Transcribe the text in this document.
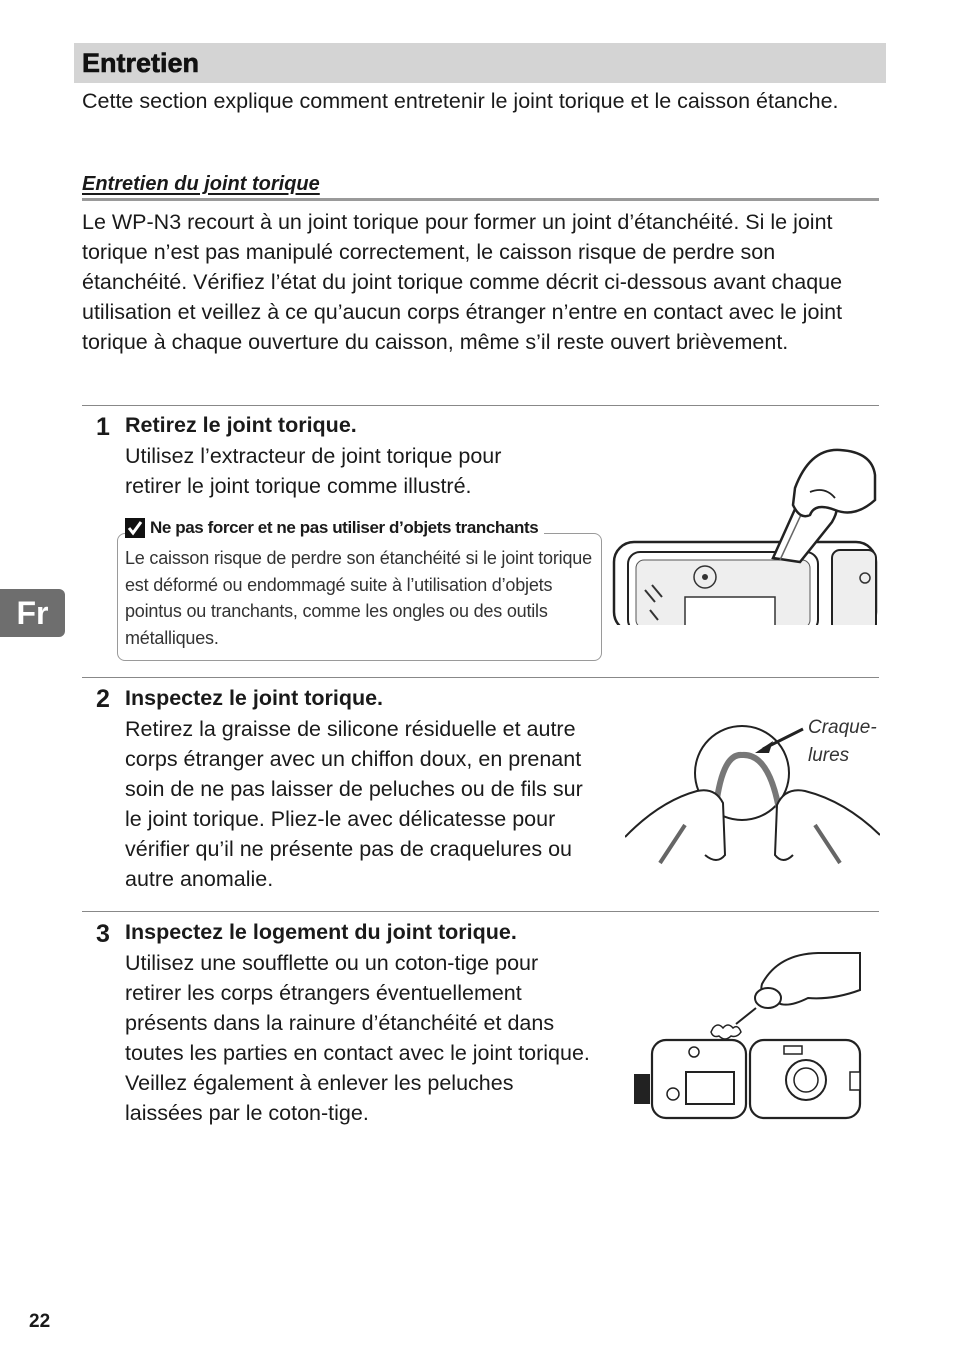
Entretien

Cette section explique comment entretenir le joint torique et le caisson étanche.

Entretien du joint torique

Le WP-N3 recourt à un joint torique pour former un joint d’étanchéité. Si le joint torique n’est pas manipulé correctement, le caisson risque de perdre son étanchéité. Vérifiez l’état du joint torique comme décrit ci-dessous avant chaque utilisation et veillez à ce qu’aucun corps étranger n’entre en contact avec le joint torique à chaque ouverture du caisson, même s’il reste ouvert brièvement.

1 Retirez le joint torique.

Utilisez l’extracteur de joint torique pour retirer le joint torique comme illustré.

Ne pas forcer et ne pas utiliser d’objets tranchants

Le caisson risque de perdre son étanchéité si le joint torique est déformé ou endommagé suite à l’utilisation d’objets pointus ou tranchants, comme les ongles ou des outils métalliques.

2 Inspectez le joint torique.

Retirez la graisse de silicone résiduelle et autre corps étranger avec un chiffon doux, en prenant soin de ne pas laisser de peluches ou de fils sur le joint torique. Pliez-le avec délicatesse pour vérifier qu’il ne présente pas de craquelures ou autre anomalie.

Craque-
lures
3 Inspectez le logement du joint torique.

Utilisez une soufflette ou un coton-tige pour retirer les corps étrangers éventuellement présents dans la rainure d’étanchéité et dans toutes les parties en contact avec le joint torique. Veillez également à enlever les peluches laissées par le coton-tige.

Fr
22
